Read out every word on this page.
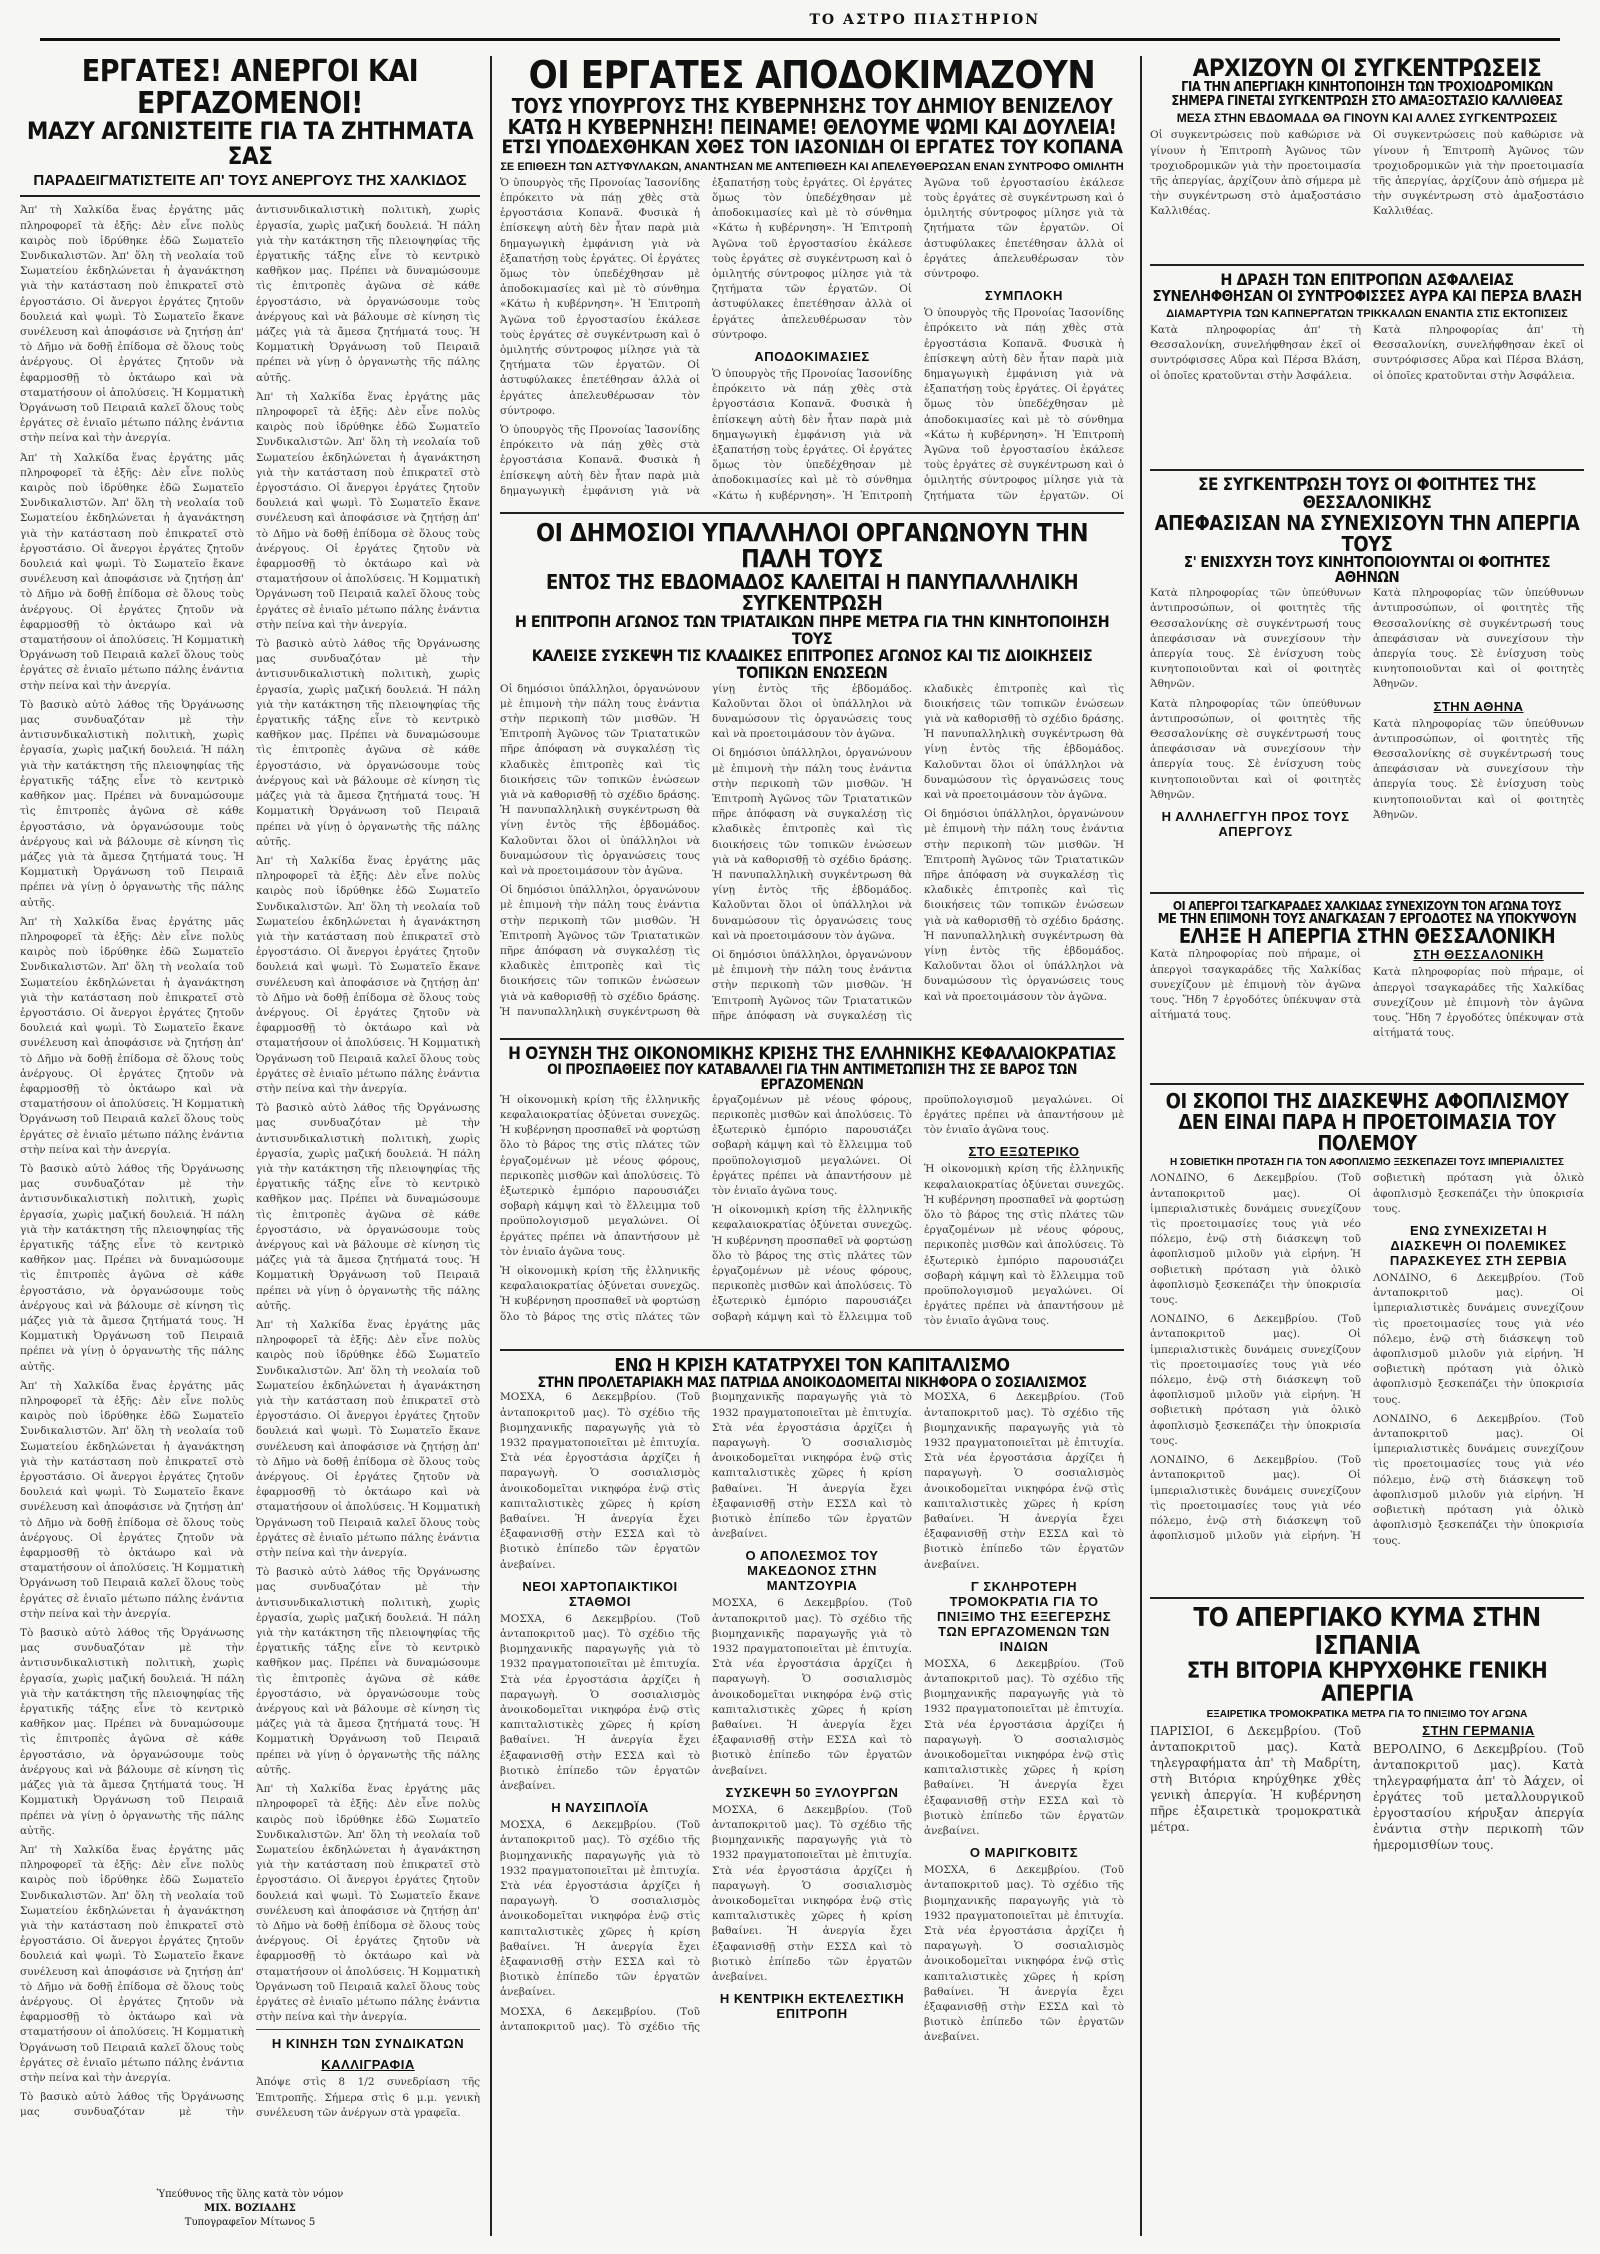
ΤΟ ΑΣΤΡΟ ΠΙΑΣΤΗΡΙΟΝ
ΕΡΓΑΤΕΣ! ΑΝΕΡΓΟΙ ΚΑΙ ΕΡΓΑΖΟΜΕΝΟΙ!
ΜΑΖΥ ΑΓΩΝΙΣΤΕΙΤΕ ΓΙΑ ΤΑ ΖΗΤΗΜΑΤΑ ΣΑΣ
ΠΑΡΑΔΕΙΓΜΑΤΙΣΤΕΙΤΕ ΑΠ' ΤΟΥΣ ΑΝΕΡΓΟΥΣ ΤΗΣ ΧΑΛΚΙΔΟΣ

Ἀπ' τὴ Χαλκίδα ἕνας ἐργάτης μᾶς πληροφορεῖ τὰ ἑξῆς: Δὲν εἶνε πολὺς καιρὸς ποὺ ἱδρύθηκε ἐδῶ Σωματεῖο Συνδικαλιστῶν. Ἀπ' ὅλη τὴ νεολαία τοῦ Σωματείου ἐκδηλώνεται ἡ ἀγανάκτηση γιὰ τὴν κατάσταση ποὺ ἐπικρατεῖ στὸ ἐργοστάσιο. Οἱ ἄνεργοι ἐργάτες ζητοῦν δουλειά καὶ ψωμὶ. Τὸ Σωματεῖο ἔκανε συνέλευση καὶ ἀποφάσισε νὰ ζητήσῃ ἀπ' τὸ Δῆμο νὰ δοθῇ ἐπίδομα σὲ ὅλους τοὺς ἀνέργους. Οἱ ἐργάτες ζητοῦν νὰ ἐφαρμοσθῇ τὸ ὀκτάωρο καὶ νὰ σταματήσουν οἱ ἀπολύσεις. Ἡ Κομματικὴ Ὀργάνωση τοῦ Πειραιᾶ καλεῖ ὅλους τοὺς ἐργάτες σὲ ἑνιαῖο μέτωπο πάλης ἐνάντια στὴν πείνα καὶ τὴν ἀνεργία.

Ἀπ' τὴ Χαλκίδα ἕνας ἐργάτης μᾶς πληροφορεῖ τὰ ἑξῆς: Δὲν εἶνε πολὺς καιρὸς ποὺ ἱδρύθηκε ἐδῶ Σωματεῖο Συνδικαλιστῶν. Ἀπ' ὅλη τὴ νεολαία τοῦ Σωματείου ἐκδηλώνεται ἡ ἀγανάκτηση γιὰ τὴν κατάσταση ποὺ ἐπικρατεῖ στὸ ἐργοστάσιο. Οἱ ἄνεργοι ἐργάτες ζητοῦν δουλειά καὶ ψωμὶ. Τὸ Σωματεῖο ἔκανε συνέλευση καὶ ἀποφάσισε νὰ ζητήσῃ ἀπ' τὸ Δῆμο νὰ δοθῇ ἐπίδομα σὲ ὅλους τοὺς ἀνέργους. Οἱ ἐργάτες ζητοῦν νὰ ἐφαρμοσθῇ τὸ ὀκτάωρο καὶ νὰ σταματήσουν οἱ ἀπολύσεις. Ἡ Κομματικὴ Ὀργάνωση τοῦ Πειραιᾶ καλεῖ ὅλους τοὺς ἐργάτες σὲ ἑνιαῖο μέτωπο πάλης ἐνάντια στὴν πείνα καὶ τὴν ἀνεργία.

Τὸ βασικὸ αὐτὸ λάθος τῆς Ὀργάνωσης μας συνδυαζόταν μὲ τὴν ἀντισυνδικαλιστικὴ πολιτικὴ, χωρὶς ἐργασία, χωρὶς μαζική δουλειά. Ἡ πάλη γιὰ τὴν κατάκτηση τῆς πλειοψηφίας τῆς ἐργατικῆς τάξης εἶνε τὸ κεντρικὸ καθῆκον μας. Πρέπει νὰ δυναμώσουμε τὶς ἐπιτροπὲς ἀγῶνα σὲ κάθε ἐργοστάσιο, νὰ ὀργανώσουμε τοὺς ἀνέργους καὶ νὰ βάλουμε σὲ κίνηση τὶς μάζες γιὰ τὰ ἄμεσα ζητήματά τους. Ἡ Κομματικὴ Ὀργάνωση τοῦ Πειραιᾶ πρέπει νὰ γίνῃ ὁ ὀργανωτὴς τῆς πάλης αὐτῆς.

Ἀπ' τὴ Χαλκίδα ἕνας ἐργάτης μᾶς πληροφορεῖ τὰ ἑξῆς: Δὲν εἶνε πολὺς καιρὸς ποὺ ἱδρύθηκε ἐδῶ Σωματεῖο Συνδικαλιστῶν. Ἀπ' ὅλη τὴ νεολαία τοῦ Σωματείου ἐκδηλώνεται ἡ ἀγανάκτηση γιὰ τὴν κατάσταση ποὺ ἐπικρατεῖ στὸ ἐργοστάσιο. Οἱ ἄνεργοι ἐργάτες ζητοῦν δουλειά καὶ ψωμὶ. Τὸ Σωματεῖο ἔκανε συνέλευση καὶ ἀποφάσισε νὰ ζητήσῃ ἀπ' τὸ Δῆμο νὰ δοθῇ ἐπίδομα σὲ ὅλους τοὺς ἀνέργους. Οἱ ἐργάτες ζητοῦν νὰ ἐφαρμοσθῇ τὸ ὀκτάωρο καὶ νὰ σταματήσουν οἱ ἀπολύσεις. Ἡ Κομματικὴ Ὀργάνωση τοῦ Πειραιᾶ καλεῖ ὅλους τοὺς ἐργάτες σὲ ἑνιαῖο μέτωπο πάλης ἐνάντια στὴν πείνα καὶ τὴν ἀνεργία.

Τὸ βασικὸ αὐτὸ λάθος τῆς Ὀργάνωσης μας συνδυαζόταν μὲ τὴν ἀντισυνδικαλιστικὴ πολιτικὴ, χωρὶς ἐργασία, χωρὶς μαζική δουλειά. Ἡ πάλη γιὰ τὴν κατάκτηση τῆς πλειοψηφίας τῆς ἐργατικῆς τάξης εἶνε τὸ κεντρικὸ καθῆκον μας. Πρέπει νὰ δυναμώσουμε τὶς ἐπιτροπὲς ἀγῶνα σὲ κάθε ἐργοστάσιο, νὰ ὀργανώσουμε τοὺς ἀνέργους καὶ νὰ βάλουμε σὲ κίνηση τὶς μάζες γιὰ τὰ ἄμεσα ζητήματά τους. Ἡ Κομματικὴ Ὀργάνωση τοῦ Πειραιᾶ πρέπει νὰ γίνῃ ὁ ὀργανωτὴς τῆς πάλης αὐτῆς.

Ἀπ' τὴ Χαλκίδα ἕνας ἐργάτης μᾶς πληροφορεῖ τὰ ἑξῆς: Δὲν εἶνε πολὺς καιρὸς ποὺ ἱδρύθηκε ἐδῶ Σωματεῖο Συνδικαλιστῶν. Ἀπ' ὅλη τὴ νεολαία τοῦ Σωματείου ἐκδηλώνεται ἡ ἀγανάκτηση γιὰ τὴν κατάσταση ποὺ ἐπικρατεῖ στὸ ἐργοστάσιο. Οἱ ἄνεργοι ἐργάτες ζητοῦν δουλειά καὶ ψωμὶ. Τὸ Σωματεῖο ἔκανε συνέλευση καὶ ἀποφάσισε νὰ ζητήσῃ ἀπ' τὸ Δῆμο νὰ δοθῇ ἐπίδομα σὲ ὅλους τοὺς ἀνέργους. Οἱ ἐργάτες ζητοῦν νὰ ἐφαρμοσθῇ τὸ ὀκτάωρο καὶ νὰ σταματήσουν οἱ ἀπολύσεις. Ἡ Κομματικὴ Ὀργάνωση τοῦ Πειραιᾶ καλεῖ ὅλους τοὺς ἐργάτες σὲ ἑνιαῖο μέτωπο πάλης ἐνάντια στὴν πείνα καὶ τὴν ἀνεργία.

Τὸ βασικὸ αὐτὸ λάθος τῆς Ὀργάνωσης μας συνδυαζόταν μὲ τὴν ἀντισυνδικαλιστικὴ πολιτικὴ, χωρὶς ἐργασία, χωρὶς μαζική δουλειά. Ἡ πάλη γιὰ τὴν κατάκτηση τῆς πλειοψηφίας τῆς ἐργατικῆς τάξης εἶνε τὸ κεντρικὸ καθῆκον μας. Πρέπει νὰ δυναμώσουμε τὶς ἐπιτροπὲς ἀγῶνα σὲ κάθε ἐργοστάσιο, νὰ ὀργανώσουμε τοὺς ἀνέργους καὶ νὰ βάλουμε σὲ κίνηση τὶς μάζες γιὰ τὰ ἄμεσα ζητήματά τους. Ἡ Κομματικὴ Ὀργάνωση τοῦ Πειραιᾶ πρέπει νὰ γίνῃ ὁ ὀργανωτὴς τῆς πάλης αὐτῆς.

Ἀπ' τὴ Χαλκίδα ἕνας ἐργάτης μᾶς πληροφορεῖ τὰ ἑξῆς: Δὲν εἶνε πολὺς καιρὸς ποὺ ἱδρύθηκε ἐδῶ Σωματεῖο Συνδικαλιστῶν. Ἀπ' ὅλη τὴ νεολαία τοῦ Σωματείου ἐκδηλώνεται ἡ ἀγανάκτηση γιὰ τὴν κατάσταση ποὺ ἐπικρατεῖ στὸ ἐργοστάσιο. Οἱ ἄνεργοι ἐργάτες ζητοῦν δουλειά καὶ ψωμὶ. Τὸ Σωματεῖο ἔκανε συνέλευση καὶ ἀποφάσισε νὰ ζητήσῃ ἀπ' τὸ Δῆμο νὰ δοθῇ ἐπίδομα σὲ ὅλους τοὺς ἀνέργους. Οἱ ἐργάτες ζητοῦν νὰ ἐφαρμοσθῇ τὸ ὀκτάωρο καὶ νὰ σταματήσουν οἱ ἀπολύσεις. Ἡ Κομματικὴ Ὀργάνωση τοῦ Πειραιᾶ καλεῖ ὅλους τοὺς ἐργάτες σὲ ἑνιαῖο μέτωπο πάλης ἐνάντια στὴν πείνα καὶ τὴν ἀνεργία.

Τὸ βασικὸ αὐτὸ λάθος τῆς Ὀργάνωσης μας συνδυαζόταν μὲ τὴν ἀντισυνδικαλιστικὴ πολιτικὴ, χωρὶς ἐργασία, χωρὶς μαζική δουλειά. Ἡ πάλη γιὰ τὴν κατάκτηση τῆς πλειοψηφίας τῆς ἐργατικῆς τάξης εἶνε τὸ κεντρικὸ καθῆκον μας. Πρέπει νὰ δυναμώσουμε τὶς ἐπιτροπὲς ἀγῶνα σὲ κάθε ἐργοστάσιο, νὰ ὀργανώσουμε τοὺς ἀνέργους καὶ νὰ βάλουμε σὲ κίνηση τὶς μάζες γιὰ τὰ ἄμεσα ζητήματά τους. Ἡ Κομματικὴ Ὀργάνωση τοῦ Πειραιᾶ πρέπει νὰ γίνῃ ὁ ὀργανωτὴς τῆς πάλης αὐτῆς.

Ἀπ' τὴ Χαλκίδα ἕνας ἐργάτης μᾶς πληροφορεῖ τὰ ἑξῆς: Δὲν εἶνε πολὺς καιρὸς ποὺ ἱδρύθηκε ἐδῶ Σωματεῖο Συνδικαλιστῶν. Ἀπ' ὅλη τὴ νεολαία τοῦ Σωματείου ἐκδηλώνεται ἡ ἀγανάκτηση γιὰ τὴν κατάσταση ποὺ ἐπικρατεῖ στὸ ἐργοστάσιο. Οἱ ἄνεργοι ἐργάτες ζητοῦν δουλειά καὶ ψωμὶ. Τὸ Σωματεῖο ἔκανε συνέλευση καὶ ἀποφάσισε νὰ ζητήσῃ ἀπ' τὸ Δῆμο νὰ δοθῇ ἐπίδομα σὲ ὅλους τοὺς ἀνέργους. Οἱ ἐργάτες ζητοῦν νὰ ἐφαρμοσθῇ τὸ ὀκτάωρο καὶ νὰ σταματήσουν οἱ ἀπολύσεις. Ἡ Κομματικὴ Ὀργάνωση τοῦ Πειραιᾶ καλεῖ ὅλους τοὺς ἐργάτες σὲ ἑνιαῖο μέτωπο πάλης ἐνάντια στὴν πείνα καὶ τὴν ἀνεργία.

Τὸ βασικὸ αὐτὸ λάθος τῆς Ὀργάνωσης μας συνδυαζόταν μὲ τὴν ἀντισυνδικαλιστικὴ πολιτικὴ, χωρὶς ἐργασία, χωρὶς μαζική δουλειά. Ἡ πάλη γιὰ τὴν κατάκτηση τῆς πλειοψηφίας τῆς ἐργατικῆς τάξης εἶνε τὸ κεντρικὸ καθῆκον μας. Πρέπει νὰ δυναμώσουμε τὶς ἐπιτροπὲς ἀγῶνα σὲ κάθε ἐργοστάσιο, νὰ ὀργανώσουμε τοὺς ἀνέργους καὶ νὰ βάλουμε σὲ κίνηση τὶς μάζες γιὰ τὰ ἄμεσα ζητήματά τους. Ἡ Κομματικὴ Ὀργάνωση τοῦ Πειραιᾶ πρέπει νὰ γίνῃ ὁ ὀργανωτὴς τῆς πάλης αὐτῆς.

Ἀπ' τὴ Χαλκίδα ἕνας ἐργάτης μᾶς πληροφορεῖ τὰ ἑξῆς: Δὲν εἶνε πολὺς καιρὸς ποὺ ἱδρύθηκε ἐδῶ Σωματεῖο Συνδικαλιστῶν. Ἀπ' ὅλη τὴ νεολαία τοῦ Σωματείου ἐκδηλώνεται ἡ ἀγανάκτηση γιὰ τὴν κατάσταση ποὺ ἐπικρατεῖ στὸ ἐργοστάσιο. Οἱ ἄνεργοι ἐργάτες ζητοῦν δουλειά καὶ ψωμὶ. Τὸ Σωματεῖο ἔκανε συνέλευση καὶ ἀποφάσισε νὰ ζητήσῃ ἀπ' τὸ Δῆμο νὰ δοθῇ ἐπίδομα σὲ ὅλους τοὺς ἀνέργους. Οἱ ἐργάτες ζητοῦν νὰ ἐφαρμοσθῇ τὸ ὀκτάωρο καὶ νὰ σταματήσουν οἱ ἀπολύσεις. Ἡ Κομματικὴ Ὀργάνωση τοῦ Πειραιᾶ καλεῖ ὅλους τοὺς ἐργάτες σὲ ἑνιαῖο μέτωπο πάλης ἐνάντια στὴν πείνα καὶ τὴν ἀνεργία.

Τὸ βασικὸ αὐτὸ λάθος τῆς Ὀργάνωσης μας συνδυαζόταν μὲ τὴν ἀντισυνδικαλιστικὴ πολιτικὴ, χωρὶς ἐργασία, χωρὶς μαζική δουλειά. Ἡ πάλη γιὰ τὴν κατάκτηση τῆς πλειοψηφίας τῆς ἐργατικῆς τάξης εἶνε τὸ κεντρικὸ καθῆκον μας. Πρέπει νὰ δυναμώσουμε τὶς ἐπιτροπὲς ἀγῶνα σὲ κάθε ἐργοστάσιο, νὰ ὀργανώσουμε τοὺς ἀνέργους καὶ νὰ βάλουμε σὲ κίνηση τὶς μάζες γιὰ τὰ ἄμεσα ζητήματά τους. Ἡ Κομματικὴ Ὀργάνωση τοῦ Πειραιᾶ πρέπει νὰ γίνῃ ὁ ὀργανωτὴς τῆς πάλης αὐτῆς.

Ἀπ' τὴ Χαλκίδα ἕνας ἐργάτης μᾶς πληροφορεῖ τὰ ἑξῆς: Δὲν εἶνε πολὺς καιρὸς ποὺ ἱδρύθηκε ἐδῶ Σωματεῖο Συνδικαλιστῶν. Ἀπ' ὅλη τὴ νεολαία τοῦ Σωματείου ἐκδηλώνεται ἡ ἀγανάκτηση γιὰ τὴν κατάσταση ποὺ ἐπικρατεῖ στὸ ἐργοστάσιο. Οἱ ἄνεργοι ἐργάτες ζητοῦν δουλειά καὶ ψωμὶ. Τὸ Σωματεῖο ἔκανε συνέλευση καὶ ἀποφάσισε νὰ ζητήσῃ ἀπ' τὸ Δῆμο νὰ δοθῇ ἐπίδομα σὲ ὅλους τοὺς ἀνέργους. Οἱ ἐργάτες ζητοῦν νὰ ἐφαρμοσθῇ τὸ ὀκτάωρο καὶ νὰ σταματήσουν οἱ ἀπολύσεις. Ἡ Κομματικὴ Ὀργάνωση τοῦ Πειραιᾶ καλεῖ ὅλους τοὺς ἐργάτες σὲ ἑνιαῖο μέτωπο πάλης ἐνάντια στὴν πείνα καὶ τὴν ἀνεργία.

Τὸ βασικὸ αὐτὸ λάθος τῆς Ὀργάνωσης μας συνδυαζόταν μὲ τὴν ἀντισυνδικαλιστικὴ πολιτικὴ, χωρὶς ἐργασία, χωρὶς μαζική δουλειά. Ἡ πάλη γιὰ τὴν κατάκτηση τῆς πλειοψηφίας τῆς ἐργατικῆς τάξης εἶνε τὸ κεντρικὸ καθῆκον μας. Πρέπει νὰ δυναμώσουμε τὶς ἐπιτροπὲς ἀγῶνα σὲ κάθε ἐργοστάσιο, νὰ ὀργανώσουμε τοὺς ἀνέργους καὶ νὰ βάλουμε σὲ κίνηση τὶς μάζες γιὰ τὰ ἄμεσα ζητήματά τους. Ἡ Κομματικὴ Ὀργάνωση τοῦ Πειραιᾶ πρέπει νὰ γίνῃ ὁ ὀργανωτὴς τῆς πάλης αὐτῆς.

Ἀπ' τὴ Χαλκίδα ἕνας ἐργάτης μᾶς πληροφορεῖ τὰ ἑξῆς: Δὲν εἶνε πολὺς καιρὸς ποὺ ἱδρύθηκε ἐδῶ Σωματεῖο Συνδικαλιστῶν. Ἀπ' ὅλη τὴ νεολαία τοῦ Σωματείου ἐκδηλώνεται ἡ ἀγανάκτηση γιὰ τὴν κατάσταση ποὺ ἐπικρατεῖ στὸ ἐργοστάσιο. Οἱ ἄνεργοι ἐργάτες ζητοῦν δουλειά καὶ ψωμὶ. Τὸ Σωματεῖο ἔκανε συνέλευση καὶ ἀποφάσισε νὰ ζητήσῃ ἀπ' τὸ Δῆμο νὰ δοθῇ ἐπίδομα σὲ ὅλους τοὺς ἀνέργους. Οἱ ἐργάτες ζητοῦν νὰ ἐφαρμοσθῇ τὸ ὀκτάωρο καὶ νὰ σταματήσουν οἱ ἀπολύσεις. Ἡ Κομματικὴ Ὀργάνωση τοῦ Πειραιᾶ καλεῖ ὅλους τοὺς ἐργάτες σὲ ἑνιαῖο μέτωπο πάλης ἐνάντια στὴν πείνα καὶ τὴν ἀνεργία.

Η ΚΙΝΗΣΗ ΤΩΝ ΣΥΝΔΙΚΑΤΩΝ
ΚΑΛΛΙΓΡΑΦΙΑ

Ἀπόψε στὶς 8 1/2 συνεδρίαση τῆς Ἐπιτροπῆς. Σήμερα στὶς 6 μ.μ. γενικὴ συνέλευση τῶν ἀνέργων στὰ γραφεῖα.

Ὑπεύθυνος τῆς ὕλης κατὰ τὸν νόμον
ΜΙΧ. ΒΟΖΙΑΔΗΣ
Τυπογραφεῖον Μίτωνος 5
ΟΙ ΕΡΓΑΤΕΣ ΑΠΟΔΟΚΙΜΑΖΟΥΝ
ΤΟΥΣ ΥΠΟΥΡΓΟΥΣ ΤΗΣ ΚΥΒΕΡΝΗΣΗΣ ΤΟΥ ΔΗΜΙΟΥ ΒΕΝΙΖΕΛΟΥ
ΚΑΤΩ Η ΚΥΒΕΡΝΗΣΗ! ΠΕΙΝΑΜΕ! ΘΕΛΟΥΜΕ ΨΩΜΙ ΚΑΙ ΔΟΥΛΕΙΑ!
ΕΤΣΙ ΥΠΟΔΕΧΘΗΚΑΝ ΧΘΕΣ ΤΟΝ ΙΑΣΟΝΙΔΗ ΟΙ ΕΡΓΑΤΕΣ ΤΟΥ ΚΟΠΑΝΑ
ΣΕ ΕΠΙΘΕΣΗ ΤΩΝ ΑΣΤΥΦΥΛΑΚΩΝ, ΑΝΑΝΤΗΣΑΝ ΜΕ ΑΝΤΕΠΙΘΕΣΗ ΚΑΙ ΑΠΕΛΕΥΘΕΡΩΣΑΝ ΕΝΑΝ ΣΥΝΤΡΟΦΟ ΟΜΙΛΗΤΗ

Ὁ ὑπουργὸς τῆς Προνοίας Ἰασονίδης ἐπρόκειτο νὰ πάῃ χθὲς στὰ ἐργοστάσια Κοπανᾶ. Φυσικὰ ἡ ἐπίσκεψη αὐτὴ δὲν ἦταν παρὰ μιὰ δημαγωγικὴ ἐμφάνιση γιὰ νὰ ἐξαπατήσῃ τοὺς ἐργάτες. Οἱ ἐργάτες ὅμως τὸν ὑπεδέχθησαν μὲ ἀποδοκιμασίες καὶ μὲ τὸ σύνθημα «Κάτω ἡ κυβέρνηση». Ἡ Ἐπιτροπὴ Ἀγῶνα τοῦ ἐργοστασίου ἐκάλεσε τοὺς ἐργάτες σὲ συγκέντρωση καὶ ὁ ὁμιλητής σύντροφος μίλησε γιὰ τὰ ζητήματα τῶν ἐργατῶν. Οἱ ἀστυφύλακες ἐπετέθησαν ἀλλὰ οἱ ἐργάτες ἀπελευθέρωσαν τὸν σύντροφο.

Ὁ ὑπουργὸς τῆς Προνοίας Ἰασονίδης ἐπρόκειτο νὰ πάῃ χθὲς στὰ ἐργοστάσια Κοπανᾶ. Φυσικὰ ἡ ἐπίσκεψη αὐτὴ δὲν ἦταν παρὰ μιὰ δημαγωγικὴ ἐμφάνιση γιὰ νὰ ἐξαπατήσῃ τοὺς ἐργάτες. Οἱ ἐργάτες ὅμως τὸν ὑπεδέχθησαν μὲ ἀποδοκιμασίες καὶ μὲ τὸ σύνθημα «Κάτω ἡ κυβέρνηση». Ἡ Ἐπιτροπὴ Ἀγῶνα τοῦ ἐργοστασίου ἐκάλεσε τοὺς ἐργάτες σὲ συγκέντρωση καὶ ὁ ὁμιλητής σύντροφος μίλησε γιὰ τὰ ζητήματα τῶν ἐργατῶν. Οἱ ἀστυφύλακες ἐπετέθησαν ἀλλὰ οἱ ἐργάτες ἀπελευθέρωσαν τὸν σύντροφο.

ΑΠΟΔΟΚΙΜΑΣΙΕΣ

Ὁ ὑπουργὸς τῆς Προνοίας Ἰασονίδης ἐπρόκειτο νὰ πάῃ χθὲς στὰ ἐργοστάσια Κοπανᾶ. Φυσικὰ ἡ ἐπίσκεψη αὐτὴ δὲν ἦταν παρὰ μιὰ δημαγωγικὴ ἐμφάνιση γιὰ νὰ ἐξαπατήσῃ τοὺς ἐργάτες. Οἱ ἐργάτες ὅμως τὸν ὑπεδέχθησαν μὲ ἀποδοκιμασίες καὶ μὲ τὸ σύνθημα «Κάτω ἡ κυβέρνηση». Ἡ Ἐπιτροπὴ Ἀγῶνα τοῦ ἐργοστασίου ἐκάλεσε τοὺς ἐργάτες σὲ συγκέντρωση καὶ ὁ ὁμιλητής σύντροφος μίλησε γιὰ τὰ ζητήματα τῶν ἐργατῶν. Οἱ ἀστυφύλακες ἐπετέθησαν ἀλλὰ οἱ ἐργάτες ἀπελευθέρωσαν τὸν σύντροφο.

ΣΥΜΠΛΟΚΗ

Ὁ ὑπουργὸς τῆς Προνοίας Ἰασονίδης ἐπρόκειτο νὰ πάῃ χθὲς στὰ ἐργοστάσια Κοπανᾶ. Φυσικὰ ἡ ἐπίσκεψη αὐτὴ δὲν ἦταν παρὰ μιὰ δημαγωγικὴ ἐμφάνιση γιὰ νὰ ἐξαπατήσῃ τοὺς ἐργάτες. Οἱ ἐργάτες ὅμως τὸν ὑπεδέχθησαν μὲ ἀποδοκιμασίες καὶ μὲ τὸ σύνθημα «Κάτω ἡ κυβέρνηση». Ἡ Ἐπιτροπὴ Ἀγῶνα τοῦ ἐργοστασίου ἐκάλεσε τοὺς ἐργάτες σὲ συγκέντρωση καὶ ὁ ὁμιλητής σύντροφος μίλησε γιὰ τὰ ζητήματα τῶν ἐργατῶν. Οἱ

ΟΙ ΔΗΜΟΣΙΟΙ ΥΠΑΛΛΗΛΟΙ ΟΡΓΑΝΩΝΟΥΝ ΤΗΝ ΠΑΛΗ ΤΟΥΣ
ΕΝΤΟΣ ΤΗΣ ΕΒΔΟΜΑΔΟΣ ΚΑΛΕΙΤΑΙ Η ΠΑΝΥΠΑΛΛΗΛΙΚΗ ΣΥΓΚΕΝΤΡΩΣΗ
Η ΕΠΙΤΡΟΠΗ ΑΓΩΝΟΣ ΤΩΝ ΤΡΙΑΤΑΙΚΩΝ ΠΗΡΕ ΜΕΤΡΑ ΓΙΑ ΤΗΝ ΚΙΝΗΤΟΠΟΙΗΣΗ ΤΟΥΣ
ΚΑΛΕΙΣΕ ΣΥΣΚΕΨΗ ΤΙΣ ΚΛΑΔΙΚΕΣ ΕΠΙΤΡΟΠΕΣ ΑΓΩΝΟΣ ΚΑΙ ΤΙΣ ΔΙΟΙΚΗΣΕΙΣ ΤΟΠΙΚΩΝ ΕΝΩΣΕΩΝ

Οἱ δημόσιοι ὑπάλληλοι, ὀργανώνουν μὲ ἐπιμονὴ τὴν πάλη τους ἐνάντια στὴν περικοπὴ τῶν μισθῶν. Ἡ Ἐπιτροπὴ Ἀγῶνος τῶν Τριατατικῶν πῆρε ἀπόφαση νὰ συγκαλέσῃ τὶς κλαδικὲς ἐπιτροπὲς καὶ τὶς διοικήσεις τῶν τοπικῶν ἑνώσεων γιὰ νὰ καθορισθῇ τὸ σχέδιο δράσης. Ἡ πανυπαλληλικὴ συγκέντρωση θὰ γίνῃ ἐντὸς τῆς ἑβδομάδος. Καλοῦνται ὅλοι οἱ ὑπάλληλοι νὰ δυναμώσουν τὶς ὀργανώσεις τους καὶ νὰ προετοιμάσουν τὸν ἀγῶνα.

Οἱ δημόσιοι ὑπάλληλοι, ὀργανώνουν μὲ ἐπιμονὴ τὴν πάλη τους ἐνάντια στὴν περικοπὴ τῶν μισθῶν. Ἡ Ἐπιτροπὴ Ἀγῶνος τῶν Τριατατικῶν πῆρε ἀπόφαση νὰ συγκαλέσῃ τὶς κλαδικὲς ἐπιτροπὲς καὶ τὶς διοικήσεις τῶν τοπικῶν ἑνώσεων γιὰ νὰ καθορισθῇ τὸ σχέδιο δράσης. Ἡ πανυπαλληλικὴ συγκέντρωση θὰ γίνῃ ἐντὸς τῆς ἑβδομάδος. Καλοῦνται ὅλοι οἱ ὑπάλληλοι νὰ δυναμώσουν τὶς ὀργανώσεις τους καὶ νὰ προετοιμάσουν τὸν ἀγῶνα.

Οἱ δημόσιοι ὑπάλληλοι, ὀργανώνουν μὲ ἐπιμονὴ τὴν πάλη τους ἐνάντια στὴν περικοπὴ τῶν μισθῶν. Ἡ Ἐπιτροπὴ Ἀγῶνος τῶν Τριατατικῶν πῆρε ἀπόφαση νὰ συγκαλέσῃ τὶς κλαδικὲς ἐπιτροπὲς καὶ τὶς διοικήσεις τῶν τοπικῶν ἑνώσεων γιὰ νὰ καθορισθῇ τὸ σχέδιο δράσης. Ἡ πανυπαλληλικὴ συγκέντρωση θὰ γίνῃ ἐντὸς τῆς ἑβδομάδος. Καλοῦνται ὅλοι οἱ ὑπάλληλοι νὰ δυναμώσουν τὶς ὀργανώσεις τους καὶ νὰ προετοιμάσουν τὸν ἀγῶνα.

Οἱ δημόσιοι ὑπάλληλοι, ὀργανώνουν μὲ ἐπιμονὴ τὴν πάλη τους ἐνάντια στὴν περικοπὴ τῶν μισθῶν. Ἡ Ἐπιτροπὴ Ἀγῶνος τῶν Τριατατικῶν πῆρε ἀπόφαση νὰ συγκαλέσῃ τὶς κλαδικὲς ἐπιτροπὲς καὶ τὶς διοικήσεις τῶν τοπικῶν ἑνώσεων γιὰ νὰ καθορισθῇ τὸ σχέδιο δράσης. Ἡ πανυπαλληλικὴ συγκέντρωση θὰ γίνῃ ἐντὸς τῆς ἑβδομάδος. Καλοῦνται ὅλοι οἱ ὑπάλληλοι νὰ δυναμώσουν τὶς ὀργανώσεις τους καὶ νὰ προετοιμάσουν τὸν ἀγῶνα.

Οἱ δημόσιοι ὑπάλληλοι, ὀργανώνουν μὲ ἐπιμονὴ τὴν πάλη τους ἐνάντια στὴν περικοπὴ τῶν μισθῶν. Ἡ Ἐπιτροπὴ Ἀγῶνος τῶν Τριατατικῶν πῆρε ἀπόφαση νὰ συγκαλέσῃ τὶς κλαδικὲς ἐπιτροπὲς καὶ τὶς διοικήσεις τῶν τοπικῶν ἑνώσεων γιὰ νὰ καθορισθῇ τὸ σχέδιο δράσης. Ἡ πανυπαλληλικὴ συγκέντρωση θὰ γίνῃ ἐντὸς τῆς ἑβδομάδος. Καλοῦνται ὅλοι οἱ ὑπάλληλοι νὰ δυναμώσουν τὶς ὀργανώσεις τους καὶ νὰ προετοιμάσουν τὸν ἀγῶνα.

Η ΟΞΥΝΣΗ ΤΗΣ ΟΙΚΟΝΟΜΙΚΗΣ ΚΡΙΣΗΣ ΤΗΣ ΕΛΛΗΝΙΚΗΣ ΚΕΦΑΛΑΙΟΚΡΑΤΙΑΣ
ΟΙ ΠΡΟΣΠΑΘΕΙΕΣ ΠΟΥ ΚΑΤΑΒΑΛΛΕΙ ΓΙΑ ΤΗΝ ΑΝΤΙΜΕΤΩΠΙΣΗ ΤΗΣ ΣΕ ΒΑΡΟΣ ΤΩΝ ΕΡΓΑΖΟΜΕΝΩΝ

Ἡ οἰκονομικὴ κρίση τῆς ἑλληνικῆς κεφαλαιοκρατίας ὀξύνεται συνεχῶς. Ἡ κυβέρνηση προσπαθεῖ νὰ φορτώσῃ ὅλο τὸ βάρος της στὶς πλάτες τῶν ἐργαζομένων μὲ νέους φόρους, περικοπὲς μισθῶν καὶ ἀπολύσεις. Τὸ ἐξωτερικὸ ἐμπόριο παρουσιάζει σοβαρὴ κάμψη καὶ τὸ ἔλλειμμα τοῦ προϋπολογισμοῦ μεγαλώνει. Οἱ ἐργάτες πρέπει νὰ ἀπαντήσουν μὲ τὸν ἑνιαῖο ἀγῶνα τους.

Ἡ οἰκονομικὴ κρίση τῆς ἑλληνικῆς κεφαλαιοκρατίας ὀξύνεται συνεχῶς. Ἡ κυβέρνηση προσπαθεῖ νὰ φορτώσῃ ὅλο τὸ βάρος της στὶς πλάτες τῶν ἐργαζομένων μὲ νέους φόρους, περικοπὲς μισθῶν καὶ ἀπολύσεις. Τὸ ἐξωτερικὸ ἐμπόριο παρουσιάζει σοβαρὴ κάμψη καὶ τὸ ἔλλειμμα τοῦ προϋπολογισμοῦ μεγαλώνει. Οἱ ἐργάτες πρέπει νὰ ἀπαντήσουν μὲ τὸν ἑνιαῖο ἀγῶνα τους.

Ἡ οἰκονομικὴ κρίση τῆς ἑλληνικῆς κεφαλαιοκρατίας ὀξύνεται συνεχῶς. Ἡ κυβέρνηση προσπαθεῖ νὰ φορτώσῃ ὅλο τὸ βάρος της στὶς πλάτες τῶν ἐργαζομένων μὲ νέους φόρους, περικοπὲς μισθῶν καὶ ἀπολύσεις. Τὸ ἐξωτερικὸ ἐμπόριο παρουσιάζει σοβαρὴ κάμψη καὶ τὸ ἔλλειμμα τοῦ προϋπολογισμοῦ μεγαλώνει. Οἱ ἐργάτες πρέπει νὰ ἀπαντήσουν μὲ τὸν ἑνιαῖο ἀγῶνα τους.

ΣΤΟ ΕΞΩΤΕΡΙΚΟ

Ἡ οἰκονομικὴ κρίση τῆς ἑλληνικῆς κεφαλαιοκρατίας ὀξύνεται συνεχῶς. Ἡ κυβέρνηση προσπαθεῖ νὰ φορτώσῃ ὅλο τὸ βάρος της στὶς πλάτες τῶν ἐργαζομένων μὲ νέους φόρους, περικοπὲς μισθῶν καὶ ἀπολύσεις. Τὸ ἐξωτερικὸ ἐμπόριο παρουσιάζει σοβαρὴ κάμψη καὶ τὸ ἔλλειμμα τοῦ προϋπολογισμοῦ μεγαλώνει. Οἱ ἐργάτες πρέπει νὰ ἀπαντήσουν μὲ τὸν ἑνιαῖο ἀγῶνα τους.

ΕΝΩ Η ΚΡΙΣΗ ΚΑΤΑΤΡΥΧΕΙ ΤΟΝ ΚΑΠΙΤΑΛΙΣΜΟ
ΣΤΗΝ ΠΡΟΛΕΤΑΡΙΑΚΗ ΜΑΣ ΠΑΤΡΙΔΑ ΑΝΟΙΚΟΔΟΜΕΙΤΑΙ ΝΙΚΗΦΟΡΑ Ο ΣΟΣΙΑΛΙΣΜΟΣ

ΜΟΣΧΑ, 6 Δεκεμβρίου. (Τοῦ ἀνταποκριτοῦ μας). Τὸ σχέδιο τῆς βιομηχανικῆς παραγωγῆς γιὰ τὸ 1932 πραγματοποιεῖται μὲ ἐπιτυχία. Στὰ νέα ἐργοστάσια ἀρχίζει ἡ παραγωγὴ. Ὁ σοσιαλισμὸς ἀνοικοδομεῖται νικηφόρα ἐνῷ στὶς καπιταλιστικὲς χῶρες ἡ κρίση βαθαίνει. Ἡ ἀνεργία ἔχει ἐξαφανισθῇ στὴν ΕΣΣΔ καὶ τὸ βιοτικὸ ἐπίπεδο τῶν ἐργατῶν ἀνεβαίνει.

ΝΕΟΙ ΧΑΡΤΟΠΑΙΚΤΙΚΟΙ ΣΤΑΘΜΟΙ

ΜΟΣΧΑ, 6 Δεκεμβρίου. (Τοῦ ἀνταποκριτοῦ μας). Τὸ σχέδιο τῆς βιομηχανικῆς παραγωγῆς γιὰ τὸ 1932 πραγματοποιεῖται μὲ ἐπιτυχία. Στὰ νέα ἐργοστάσια ἀρχίζει ἡ παραγωγὴ. Ὁ σοσιαλισμὸς ἀνοικοδομεῖται νικηφόρα ἐνῷ στὶς καπιταλιστικὲς χῶρες ἡ κρίση βαθαίνει. Ἡ ἀνεργία ἔχει ἐξαφανισθῇ στὴν ΕΣΣΔ καὶ τὸ βιοτικὸ ἐπίπεδο τῶν ἐργατῶν ἀνεβαίνει.

Η ΝΑΥΣΙΠΛΟΪΑ

ΜΟΣΧΑ, 6 Δεκεμβρίου. (Τοῦ ἀνταποκριτοῦ μας). Τὸ σχέδιο τῆς βιομηχανικῆς παραγωγῆς γιὰ τὸ 1932 πραγματοποιεῖται μὲ ἐπιτυχία. Στὰ νέα ἐργοστάσια ἀρχίζει ἡ παραγωγὴ. Ὁ σοσιαλισμὸς ἀνοικοδομεῖται νικηφόρα ἐνῷ στὶς καπιταλιστικὲς χῶρες ἡ κρίση βαθαίνει. Ἡ ἀνεργία ἔχει ἐξαφανισθῇ στὴν ΕΣΣΔ καὶ τὸ βιοτικὸ ἐπίπεδο τῶν ἐργατῶν ἀνεβαίνει.

ΜΟΣΧΑ, 6 Δεκεμβρίου. (Τοῦ ἀνταποκριτοῦ μας). Τὸ σχέδιο τῆς βιομηχανικῆς παραγωγῆς γιὰ τὸ 1932 πραγματοποιεῖται μὲ ἐπιτυχία. Στὰ νέα ἐργοστάσια ἀρχίζει ἡ παραγωγὴ. Ὁ σοσιαλισμὸς ἀνοικοδομεῖται νικηφόρα ἐνῷ στὶς καπιταλιστικὲς χῶρες ἡ κρίση βαθαίνει. Ἡ ἀνεργία ἔχει ἐξαφανισθῇ στὴν ΕΣΣΔ καὶ τὸ βιοτικὸ ἐπίπεδο τῶν ἐργατῶν ἀνεβαίνει.

Ο ΑΠΟΛΕΣΜΟΣ ΤΟΥ ΜΑΚΕΔΟΝΟΣ ΣΤΗΝ ΜΑΝΤΖΟΥΡΙΑ

ΜΟΣΧΑ, 6 Δεκεμβρίου. (Τοῦ ἀνταποκριτοῦ μας). Τὸ σχέδιο τῆς βιομηχανικῆς παραγωγῆς γιὰ τὸ 1932 πραγματοποιεῖται μὲ ἐπιτυχία. Στὰ νέα ἐργοστάσια ἀρχίζει ἡ παραγωγὴ. Ὁ σοσιαλισμὸς ἀνοικοδομεῖται νικηφόρα ἐνῷ στὶς καπιταλιστικὲς χῶρες ἡ κρίση βαθαίνει. Ἡ ἀνεργία ἔχει ἐξαφανισθῇ στὴν ΕΣΣΔ καὶ τὸ βιοτικὸ ἐπίπεδο τῶν ἐργατῶν ἀνεβαίνει.

ΣΥΣΚΕΨΗ 50 ΞΥΛΟΥΡΓΩΝ

ΜΟΣΧΑ, 6 Δεκεμβρίου. (Τοῦ ἀνταποκριτοῦ μας). Τὸ σχέδιο τῆς βιομηχανικῆς παραγωγῆς γιὰ τὸ 1932 πραγματοποιεῖται μὲ ἐπιτυχία. Στὰ νέα ἐργοστάσια ἀρχίζει ἡ παραγωγὴ. Ὁ σοσιαλισμὸς ἀνοικοδομεῖται νικηφόρα ἐνῷ στὶς καπιταλιστικὲς χῶρες ἡ κρίση βαθαίνει. Ἡ ἀνεργία ἔχει ἐξαφανισθῇ στὴν ΕΣΣΔ καὶ τὸ βιοτικὸ ἐπίπεδο τῶν ἐργατῶν ἀνεβαίνει.

Η ΚΕΝΤΡΙΚΗ ΕΚΤΕΛΕΣΤΙΚΗ ΕΠΙΤΡΟΠΗ

ΜΟΣΧΑ, 6 Δεκεμβρίου. (Τοῦ ἀνταποκριτοῦ μας). Τὸ σχέδιο τῆς βιομηχανικῆς παραγωγῆς γιὰ τὸ 1932 πραγματοποιεῖται μὲ ἐπιτυχία. Στὰ νέα ἐργοστάσια ἀρχίζει ἡ παραγωγὴ. Ὁ σοσιαλισμὸς ἀνοικοδομεῖται νικηφόρα ἐνῷ στὶς καπιταλιστικὲς χῶρες ἡ κρίση βαθαίνει. Ἡ ἀνεργία ἔχει ἐξαφανισθῇ στὴν ΕΣΣΔ καὶ τὸ βιοτικὸ ἐπίπεδο τῶν ἐργατῶν ἀνεβαίνει.

Γ ΣΚΛΗΡΟΤΕΡΗ ΤΡΟΜΟΚΡΑΤΙΑ ΓΙΑ ΤΟ ΠΝΙΞΙΜΟ ΤΗΣ ΕΞΕΓΕΡΣΗΣ ΤΩΝ ΕΡΓΑΖΟΜΕΝΩΝ ΤΩΝ ΙΝΔΙΩΝ

ΜΟΣΧΑ, 6 Δεκεμβρίου. (Τοῦ ἀνταποκριτοῦ μας). Τὸ σχέδιο τῆς βιομηχανικῆς παραγωγῆς γιὰ τὸ 1932 πραγματοποιεῖται μὲ ἐπιτυχία. Στὰ νέα ἐργοστάσια ἀρχίζει ἡ παραγωγὴ. Ὁ σοσιαλισμὸς ἀνοικοδομεῖται νικηφόρα ἐνῷ στὶς καπιταλιστικὲς χῶρες ἡ κρίση βαθαίνει. Ἡ ἀνεργία ἔχει ἐξαφανισθῇ στὴν ΕΣΣΔ καὶ τὸ βιοτικὸ ἐπίπεδο τῶν ἐργατῶν ἀνεβαίνει.

Ο ΜΑΡΙΓΚΟΒΙΤΣ

ΜΟΣΧΑ, 6 Δεκεμβρίου. (Τοῦ ἀνταποκριτοῦ μας). Τὸ σχέδιο τῆς βιομηχανικῆς παραγωγῆς γιὰ τὸ 1932 πραγματοποιεῖται μὲ ἐπιτυχία. Στὰ νέα ἐργοστάσια ἀρχίζει ἡ παραγωγὴ. Ὁ σοσιαλισμὸς ἀνοικοδομεῖται νικηφόρα ἐνῷ στὶς καπιταλιστικὲς χῶρες ἡ κρίση βαθαίνει. Ἡ ἀνεργία ἔχει ἐξαφανισθῇ στὴν ΕΣΣΔ καὶ τὸ βιοτικὸ ἐπίπεδο τῶν ἐργατῶν ἀνεβαίνει.

ΑΡΧΙΖΟΥΝ ΟΙ ΣΥΓΚΕΝΤΡΩΣΕΙΣ
ΓΙΑ ΤΗΝ ΑΠΕΡΓΙΑΚΗ ΚΙΝΗΤΟΠΟΙΗΣΗ ΤΩΝ ΤΡΟΧΙΟΔΡΟΜΙΚΩΝ
ΣΗΜΕΡΑ ΓΙΝΕΤΑΙ ΣΥΓΚΕΝΤΡΩΣΗ ΣΤΟ ΑΜΑΞΟΣΤΑΣΙΟ ΚΑΛΛΙΘΕΑΣ
ΜΕΣΑ ΣΤΗΝ ΕΒΔΟΜΑΔΑ ΘΑ ΓΙΝΟΥΝ ΚΑΙ ΑΛΛΕΣ ΣΥΓΚΕΝΤΡΩΣΕΙΣ

Οἱ συγκεντρώσεις ποὺ καθώρισε νὰ γίνουν ἡ Ἐπιτροπὴ Ἀγῶνος τῶν τροχιοδρομικῶν γιὰ τὴν προετοιμασία τῆς ἀπεργίας, ἀρχίζουν ἀπὸ σήμερα μὲ τὴν συγκέντρωση στὸ ἁμαξοστάσιο Καλλιθέας.

Οἱ συγκεντρώσεις ποὺ καθώρισε νὰ γίνουν ἡ Ἐπιτροπὴ Ἀγῶνος τῶν τροχιοδρομικῶν γιὰ τὴν προετοιμασία τῆς ἀπεργίας, ἀρχίζουν ἀπὸ σήμερα μὲ τὴν συγκέντρωση στὸ ἁμαξοστάσιο Καλλιθέας.

Η ΔΡΑΣΗ ΤΩΝ ΕΠΙΤΡΟΠΩΝ ΑΣΦΑΛΕΙΑΣ
ΣΥΝΕΛΗΦΘΗΣΑΝ ΟΙ ΣΥΝΤΡΟΦΙΣΣΕΣ ΑΥΡΑ ΚΑΙ ΠΕΡΣΑ ΒΛΑΣΗ
ΔΙΑΜΑΡΤΥΡΙΑ ΤΩΝ ΚΑΠΝΕΡΓΑΤΩΝ ΤΡΙΚΚΑΛΩΝ ΕΝΑΝΤΙΑ ΣΤΙΣ ΕΚΤΟΠΙΣΕΙΣ

Κατὰ πληροφορίας ἀπ' τὴ Θεσσαλονίκη, συνελήφθησαν ἐκεῖ οἱ συντρόφισσες Αὔρα καὶ Πέρσα Βλάση, οἱ ὁποῖες κρατοῦνται στὴν Ἀσφάλεια.

Κατὰ πληροφορίας ἀπ' τὴ Θεσσαλονίκη, συνελήφθησαν ἐκεῖ οἱ συντρόφισσες Αὔρα καὶ Πέρσα Βλάση, οἱ ὁποῖες κρατοῦνται στὴν Ἀσφάλεια.

ΣΕ ΣΥΓΚΕΝΤΡΩΣΗ ΤΟΥΣ ΟΙ ΦΟΙΤΗΤΕΣ ΤΗΣ ΘΕΣΣΑΛΟΝΙΚΗΣ
ΑΠΕΦΑΣΙΣΑΝ ΝΑ ΣΥΝΕΧΙΣΟΥΝ ΤΗΝ ΑΠΕΡΓΙΑ ΤΟΥΣ
Σ' ΕΝΙΣΧΥΣΗ ΤΟΥΣ ΚΙΝΗΤΟΠΟΙΟΥΝΤΑΙ ΟΙ ΦΟΙΤΗΤΕΣ ΑΘΗΝΩΝ

Κατὰ πληροφορίας τῶν ὑπεύθυνων ἀντιπροσώπων, οἱ φοιτητὲς τῆς Θεσσαλονίκης σὲ συγκέντρωσή τους ἀπεφάσισαν νὰ συνεχίσουν τὴν ἀπεργία τους. Σὲ ἐνίσχυση τοὺς κινητοποιοῦνται καὶ οἱ φοιτητὲς Ἀθηνῶν.

Κατὰ πληροφορίας τῶν ὑπεύθυνων ἀντιπροσώπων, οἱ φοιτητὲς τῆς Θεσσαλονίκης σὲ συγκέντρωσή τους ἀπεφάσισαν νὰ συνεχίσουν τὴν ἀπεργία τους. Σὲ ἐνίσχυση τοὺς κινητοποιοῦνται καὶ οἱ φοιτητὲς Ἀθηνῶν.

Η ΑΛΛΗΛΕΓΓΥΗ ΠΡΟΣ ΤΟΥΣ ΑΠΕΡΓΟΥΣ

Κατὰ πληροφορίας τῶν ὑπεύθυνων ἀντιπροσώπων, οἱ φοιτητὲς τῆς Θεσσαλονίκης σὲ συγκέντρωσή τους ἀπεφάσισαν νὰ συνεχίσουν τὴν ἀπεργία τους. Σὲ ἐνίσχυση τοὺς κινητοποιοῦνται καὶ οἱ φοιτητὲς Ἀθηνῶν.

ΣΤΗΝ ΑΘΗΝΑ

Κατὰ πληροφορίας τῶν ὑπεύθυνων ἀντιπροσώπων, οἱ φοιτητὲς τῆς Θεσσαλονίκης σὲ συγκέντρωσή τους ἀπεφάσισαν νὰ συνεχίσουν τὴν ἀπεργία τους. Σὲ ἐνίσχυση τοὺς κινητοποιοῦνται καὶ οἱ φοιτητὲς Ἀθηνῶν.

ΟΙ ΑΠΕΡΓΟΙ ΤΣΑΓΚΑΡΑΔΕΣ ΧΑΛΚΙΔΑΣ ΣΥΝΕΧΙΖΟΥΝ ΤΟΝ ΑΓΩΝΑ ΤΟΥΣ
ΜΕ ΤΗΝ ΕΠΙΜΟΝΗ ΤΟΥΣ ΑΝΑΓΚΑΣΑΝ 7 ΕΡΓΟΔΟΤΕΣ ΝΑ ΥΠΟΚΥΨΟΥΝ
ΕΛΗΞΕ Η ΑΠΕΡΓΙΑ ΣΤΗΝ ΘΕΣΣΑΛΟΝΙΚΗ

Κατὰ πληροφορίας ποὺ πήραμε, οἱ ἀπεργοὶ τσαγκαράδες τῆς Χαλκίδας συνεχίζουν μὲ ἐπιμονὴ τὸν ἀγῶνα τους. Ἤδη 7 ἐργοδότες ὑπέκυψαν στὰ αἰτήματά τους.

ΣΤΗ ΘΕΣΣΑΛΟΝΙΚΗ

Κατὰ πληροφορίας ποὺ πήραμε, οἱ ἀπεργοὶ τσαγκαράδες τῆς Χαλκίδας συνεχίζουν μὲ ἐπιμονὴ τὸν ἀγῶνα τους. Ἤδη 7 ἐργοδότες ὑπέκυψαν στὰ αἰτήματά τους.

ΟΙ ΣΚΟΠΟΙ ΤΗΣ ΔΙΑΣΚΕΨΗΣ ΑΦΟΠΛΙΣΜΟΥ
ΔΕΝ ΕΙΝΑΙ ΠΑΡΑ Η ΠΡΟΕΤΟΙΜΑΣΙΑ ΤΟΥ ΠΟΛΕΜΟΥ
Η ΣΟΒΙΕΤΙΚΗ ΠΡΟΤΑΣΗ ΓΙΑ ΤΟΝ ΑΦΟΠΛΙΣΜΟ ΞΕΣΚΕΠΑΖΕΙ ΤΟΥΣ ΙΜΠΕΡΙΑΛΙΣΤΕΣ

ΛΟΝΔΙΝΟ, 6 Δεκεμβρίου. (Τοῦ ἀνταποκριτοῦ μας). Οἱ ἱμπεριαλιστικὲς δυνάμεις συνεχίζουν τὶς προετοιμασίες τους γιὰ νέο πόλεμο, ἐνῷ στὴ διάσκεψη τοῦ ἀφοπλισμοῦ μιλοῦν γιὰ εἰρήνη. Ἡ σοβιετικὴ πρόταση γιὰ ὁλικὸ ἀφοπλισμὸ ξεσκεπάζει τὴν ὑποκρισία τους.

ΛΟΝΔΙΝΟ, 6 Δεκεμβρίου. (Τοῦ ἀνταποκριτοῦ μας). Οἱ ἱμπεριαλιστικὲς δυνάμεις συνεχίζουν τὶς προετοιμασίες τους γιὰ νέο πόλεμο, ἐνῷ στὴ διάσκεψη τοῦ ἀφοπλισμοῦ μιλοῦν γιὰ εἰρήνη. Ἡ σοβιετικὴ πρόταση γιὰ ὁλικὸ ἀφοπλισμὸ ξεσκεπάζει τὴν ὑποκρισία τους.

ΛΟΝΔΙΝΟ, 6 Δεκεμβρίου. (Τοῦ ἀνταποκριτοῦ μας). Οἱ ἱμπεριαλιστικὲς δυνάμεις συνεχίζουν τὶς προετοιμασίες τους γιὰ νέο πόλεμο, ἐνῷ στὴ διάσκεψη τοῦ ἀφοπλισμοῦ μιλοῦν γιὰ εἰρήνη. Ἡ σοβιετικὴ πρόταση γιὰ ὁλικὸ ἀφοπλισμὸ ξεσκεπάζει τὴν ὑποκρισία τους.

ΕΝΩ ΣΥΝΕΧΙΖΕΤΑΙ Η ΔΙΑΣΚΕΨΗ ΟΙ ΠΟΛΕΜΙΚΕΣ ΠΑΡΑΣΚΕΥΕΣ ΣΤΗ ΣΕΡΒΙΑ

ΛΟΝΔΙΝΟ, 6 Δεκεμβρίου. (Τοῦ ἀνταποκριτοῦ μας). Οἱ ἱμπεριαλιστικὲς δυνάμεις συνεχίζουν τὶς προετοιμασίες τους γιὰ νέο πόλεμο, ἐνῷ στὴ διάσκεψη τοῦ ἀφοπλισμοῦ μιλοῦν γιὰ εἰρήνη. Ἡ σοβιετικὴ πρόταση γιὰ ὁλικὸ ἀφοπλισμὸ ξεσκεπάζει τὴν ὑποκρισία τους.

ΛΟΝΔΙΝΟ, 6 Δεκεμβρίου. (Τοῦ ἀνταποκριτοῦ μας). Οἱ ἱμπεριαλιστικὲς δυνάμεις συνεχίζουν τὶς προετοιμασίες τους γιὰ νέο πόλεμο, ἐνῷ στὴ διάσκεψη τοῦ ἀφοπλισμοῦ μιλοῦν γιὰ εἰρήνη. Ἡ σοβιετικὴ πρόταση γιὰ ὁλικὸ ἀφοπλισμὸ ξεσκεπάζει τὴν ὑποκρισία τους.

ΤΟ ΑΠΕΡΓΙΑΚΟ ΚΥΜΑ ΣΤΗΝ ΙΣΠΑΝΙΑ
ΣΤΗ ΒΙΤΟΡΙΑ ΚΗΡΥΧΘΗΚΕ ΓΕΝΙΚΗ ΑΠΕΡΓΙΑ
ΕΞΑΙΡΕΤΙΚΑ ΤΡΟΜΟΚΡΑΤΙΚΑ ΜΕΤΡΑ ΓΙΑ ΤΟ ΠΝΙΞΙΜΟ ΤΟΥ ΑΓΩΝΑ

ΠΑΡΙΣΙΟΙ, 6 Δεκεμβρίου. (Τοῦ ἀνταποκριτοῦ μας). Κατὰ τηλεγραφήματα ἀπ' τὴ Μαδρίτη, στὴ Βιτόρια κηρύχθηκε χθὲς γενικὴ ἀπεργία. Ἡ κυβέρνηση πῆρε ἐξαιρετικὰ τρομοκρατικὰ μέτρα.

ΣΤΗΝ ΓΕΡΜΑΝΙΑ

ΒΕΡΟΛΙΝΟ, 6 Δεκεμβρίου. (Τοῦ ἀνταποκριτοῦ μας). Κατὰ τηλεγραφήματα ἀπ' τὸ Ἀάχεν, οἱ ἐργάτες τοῦ μεταλλουργικοῦ ἐργοστασίου κήρυξαν ἀπεργία ἐνάντια στὴν περικοπὴ τῶν ἡμερομισθίων τους.
